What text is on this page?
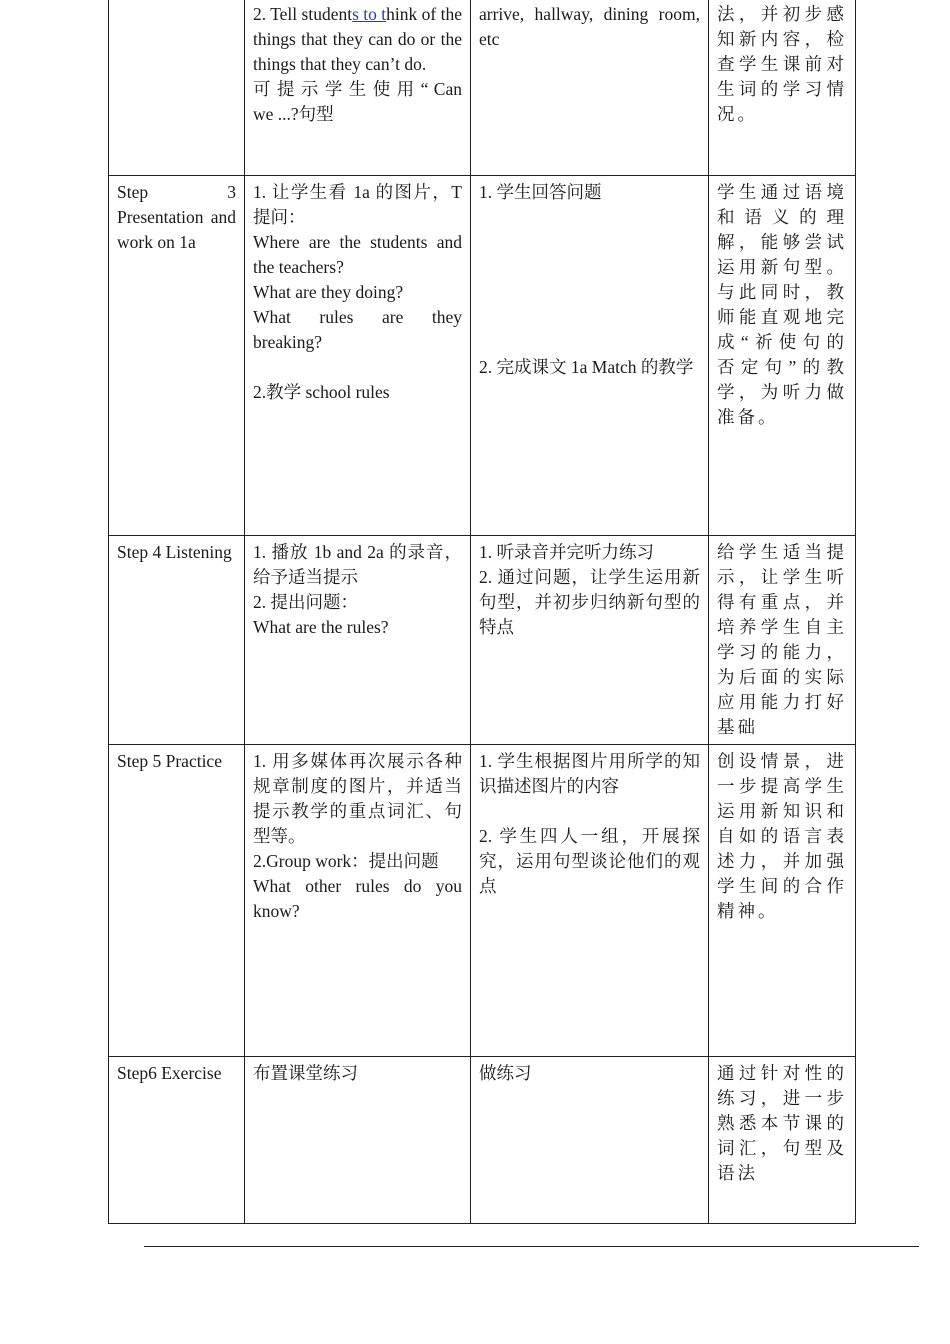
	2. Tell students to think of the things that they can do or the things that they can’t do.
可 提 示 学 生 使 用 “ Can we ...?句型	arrive, hallway, dining room, etc	法，并初步感知新内容，检查学生课前对生词的学习情况。

Step 3 Presentation and work on 1a	1. 让学生看 1a 的图片，T 提问：
Where are the students and the teachers?
What are they doing?
What rules are they breaking?
2.教学 school rules	1. 学生回答问题
2. 完成课文 1a Match 的教学	学生通过语境和语义的理解，能够尝试运用新句型。与此同时，教师能直观地完成“祈使句的否定句”的教学，为听力做准备。

Step 4 Listening	1. 播放 1b and 2a 的录音，给予适当提示
2. 提出问题：
What are the rules?	1. 听录音并完听力练习
2. 通过问题，让学生运用新句型，并初步归纳新句型的特点	给学生适当提示，让学生听得有重点，并培养学生自主学习的能力，为后面的实际应用能力打好基础

Step 5 Practice	1. 用多媒体再次展示各种规章制度的图片，并适当提示教学的重点词汇、句型等。
2.Group work：提出问题
What other rules do you know?	1. 学生根据图片用所学的知识描述图片的内容
2. 学生四人一组，开展探究，运用句型谈论他们的观点	创设情景，进一步提高学生运用新知识和自如的语言表述力，并加强学生间的合作精神。

Step6 Exercise	布置课堂练习	做练习	通过针对性的练习，进一步熟悉本节课的词汇，句型及语法
